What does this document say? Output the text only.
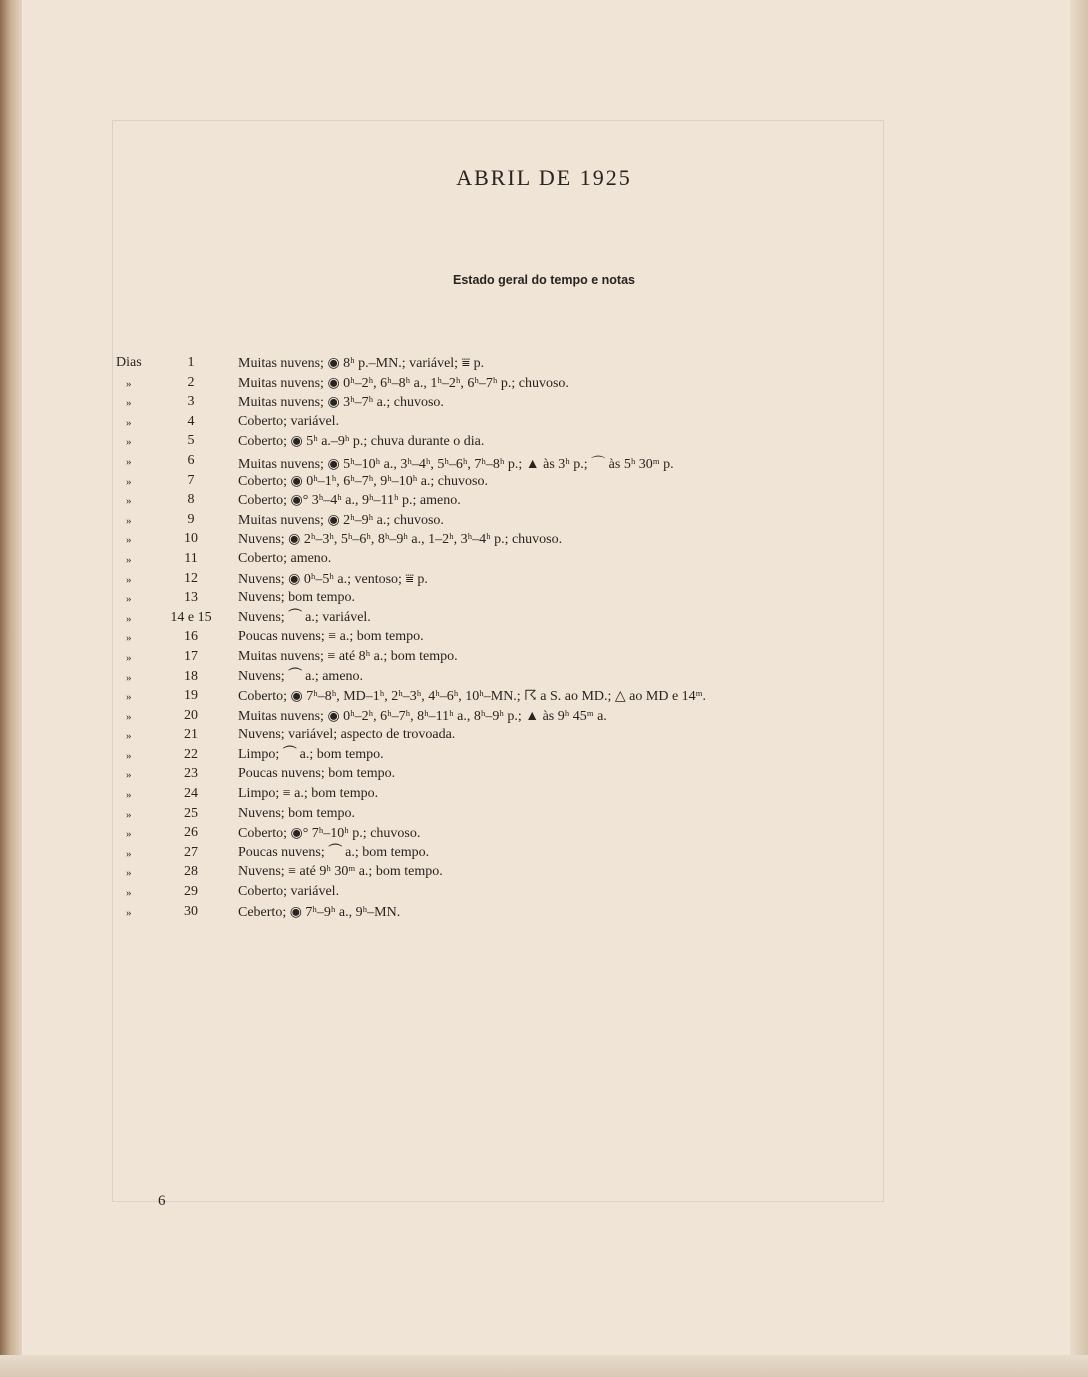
ABRIL DE 1925
Estado geral do tempo e notas
Dias	1	Muitas nuvens; ◉ 8ʰ p.–MN.; variável; ⩸ p.
»	2	Muitas nuvens; ◉ 0ʰ–2ʰ, 6ʰ–8ʰ a., 1ʰ–2ʰ, 6ʰ–7ʰ p.; chuvoso.
»	3	Muitas nuvens; ◉ 3ʰ–7ʰ a.; chuvoso.
»	4	Coberto; variável.
»	5	Coberto; ◉ 5ʰ a.–9ʰ p.; chuva durante o dia.
»	6	Muitas nuvens; ◉ 5ʰ–10ʰ a., 3ʰ–4ʰ, 5ʰ–6ʰ, 7ʰ–8ʰ p.; ▲ às 3ʰ p.; ⌒ às 5ʰ 30ᵐ p.
»	7	Coberto; ◉ 0ʰ–1ʰ, 6ʰ–7ʰ, 9ʰ–10ʰ a.; chuvoso.
»	8	Coberto; ◉° 3ʰ–4ʰ a., 9ʰ–11ʰ p.; ameno.
»	9	Muitas nuvens; ◉ 2ʰ–9ʰ a.; chuvoso.
»	10	Nuvens; ◉ 2ʰ–3ʰ, 5ʰ–6ʰ, 8ʰ–9ʰ a., 1–2ʰ, 3ʰ–4ʰ p.; chuvoso.
»	11	Coberto; ameno.
»	12	Nuvens; ◉ 0ʰ–5ʰ a.; ventoso; ⩸ p.
»	13	Nuvens; bom tempo.
»	14 e 15	Nuvens; ⏜ a.; variável.
»	16	Poucas nuvens; ≡ a.; bom tempo.
»	17	Muitas nuvens; ≡ até 8ʰ a.; bom tempo.
»	18	Nuvens; ⏜ a.; ameno.
»	19	Coberto; ◉ 7ʰ–8ʰ, MD–1ʰ, 2ʰ–3ʰ, 4ʰ–6ʰ, 10ʰ–MN.; ☈ a S. ao MD.; △ ao MD e 14ᵐ.
»	20	Muitas nuvens; ◉ 0ʰ–2ʰ, 6ʰ–7ʰ, 8ʰ–11ʰ a., 8ʰ–9ʰ p.; ▲ às 9ʰ 45ᵐ a.
»	21	Nuvens; variável; aspecto de trovoada.
»	22	Limpo; ⏜ a.; bom tempo.
»	23	Poucas nuvens; bom tempo.
»	24	Limpo; ≡ a.; bom tempo.
»	25	Nuvens; bom tempo.
»	26	Coberto; ◉° 7ʰ–10ʰ p.; chuvoso.
»	27	Poucas nuvens; ⏜ a.; bom tempo.
»	28	Nuvens; ≡ até 9ʰ 30ᵐ a.; bom tempo.
»	29	Coberto; variável.
»	30	Ceberto; ◉ 7ʰ–9ʰ a., 9ʰ–MN.
6
